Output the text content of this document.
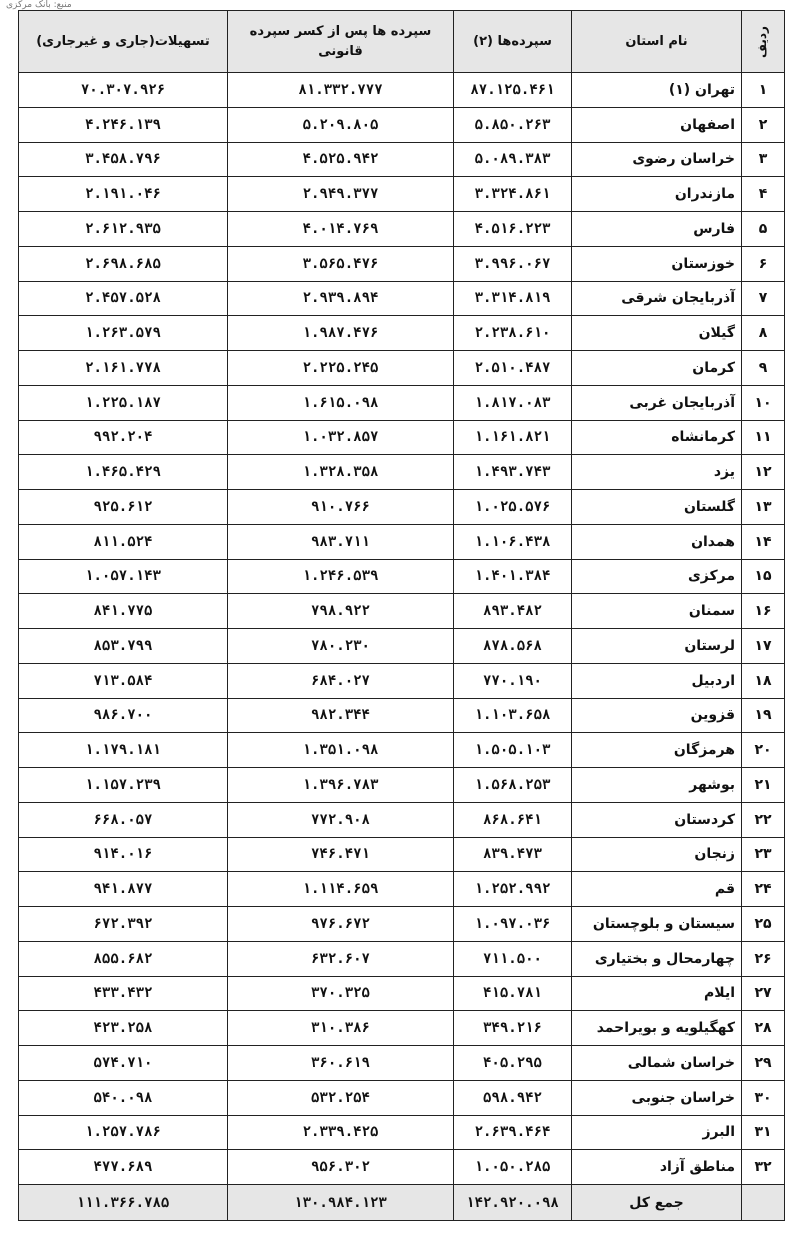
منبع: بانک مرکزی
ردیف	نام استان	سپرده‌ها (۲)	سپرده ها پس از کسر سپرده قانونی	تسهیلات(جاری و غیرجاری)
۱	تهران (۱)	۸۷.۱۲۵.۴۶۱	۸۱.۳۳۲.۷۷۷	۷۰.۳۰۷.۹۲۶
۲	اصفهان	۵.۸۵۰.۲۶۳	۵.۲۰۹.۸۰۵	۴.۲۴۶.۱۳۹
۳	خراسان رضوی	۵.۰۸۹.۳۸۳	۴.۵۲۵.۹۴۲	۳.۴۵۸.۷۹۶
۴	مازندران	۳.۳۲۴.۸۶۱	۲.۹۴۹.۳۷۷	۲.۱۹۱.۰۴۶
۵	فارس	۴.۵۱۶.۲۲۳	۴.۰۱۴.۷۶۹	۲.۶۱۲.۹۳۵
۶	خوزستان	۳.۹۹۶.۰۶۷	۳.۵۶۵.۴۷۶	۲.۶۹۸.۶۸۵
۷	آذربایجان شرقی	۳.۳۱۴.۸۱۹	۲.۹۳۹.۸۹۴	۲.۴۵۷.۵۲۸
۸	گیلان	۲.۲۳۸.۶۱۰	۱.۹۸۷.۴۷۶	۱.۲۶۳.۵۷۹
۹	کرمان	۲.۵۱۰.۴۸۷	۲.۲۲۵.۲۴۵	۲.۱۶۱.۷۷۸
۱۰	آذربایجان غربی	۱.۸۱۷.۰۸۳	۱.۶۱۵.۰۹۸	۱.۲۲۵.۱۸۷
۱۱	کرمانشاه	۱.۱۶۱.۸۲۱	۱.۰۳۲.۸۵۷	۹۹۲.۲۰۴
۱۲	یزد	۱.۴۹۳.۷۴۳	۱.۳۲۸.۳۵۸	۱.۴۶۵.۴۲۹
۱۳	گلستان	۱.۰۲۵.۵۷۶	۹۱۰.۷۶۶	۹۲۵.۶۱۲
۱۴	همدان	۱.۱۰۶.۴۳۸	۹۸۳.۷۱۱	۸۱۱.۵۲۴
۱۵	مرکزی	۱.۴۰۱.۳۸۴	۱.۲۴۶.۵۳۹	۱.۰۵۷.۱۴۳
۱۶	سمنان	۸۹۳.۴۸۲	۷۹۸.۹۲۲	۸۴۱.۷۷۵
۱۷	لرستان	۸۷۸.۵۶۸	۷۸۰.۲۳۰	۸۵۳.۷۹۹
۱۸	اردبیل	۷۷۰.۱۹۰	۶۸۴.۰۲۷	۷۱۳.۵۸۴
۱۹	قزوین	۱.۱۰۳.۶۵۸	۹۸۲.۳۴۴	۹۸۶.۷۰۰
۲۰	هرمزگان	۱.۵۰۵.۱۰۳	۱.۳۵۱.۰۹۸	۱.۱۷۹.۱۸۱
۲۱	بوشهر	۱.۵۶۸.۲۵۳	۱.۳۹۶.۷۸۳	۱.۱۵۷.۲۳۹
۲۲	کردستان	۸۶۸.۶۴۱	۷۷۲.۹۰۸	۶۶۸.۰۵۷
۲۳	زنجان	۸۳۹.۴۷۳	۷۴۶.۴۷۱	۹۱۴.۰۱۶
۲۴	قم	۱.۲۵۲.۹۹۲	۱.۱۱۴.۶۵۹	۹۴۱.۸۷۷
۲۵	سیستان و بلوچستان	۱.۰۹۷.۰۳۶	۹۷۶.۶۷۲	۶۷۲.۳۹۲
۲۶	چهارمحال و بختیاری	۷۱۱.۵۰۰	۶۳۲.۶۰۷	۸۵۵.۶۸۲
۲۷	ایلام	۴۱۵.۷۸۱	۳۷۰.۳۲۵	۴۳۳.۴۳۲
۲۸	کهگیلویه و بویراحمد	۳۴۹.۲۱۶	۳۱۰.۳۸۶	۴۲۳.۲۵۸
۲۹	خراسان شمالی	۴۰۵.۲۹۵	۳۶۰.۶۱۹	۵۷۴.۷۱۰
۳۰	خراسان جنوبی	۵۹۸.۹۴۲	۵۳۲.۲۵۴	۵۴۰.۰۹۸
۳۱	البرز	۲.۶۳۹.۴۶۴	۲.۳۳۹.۴۲۵	۱.۲۵۷.۷۸۶
۳۲	مناطق آزاد	۱.۰۵۰.۲۸۵	۹۵۶.۳۰۲	۴۷۷.۶۸۹
	جمع کل	۱۴۲.۹۲۰.۰۹۸	۱۳۰.۹۸۴.۱۲۳	۱۱۱.۳۶۶.۷۸۵
